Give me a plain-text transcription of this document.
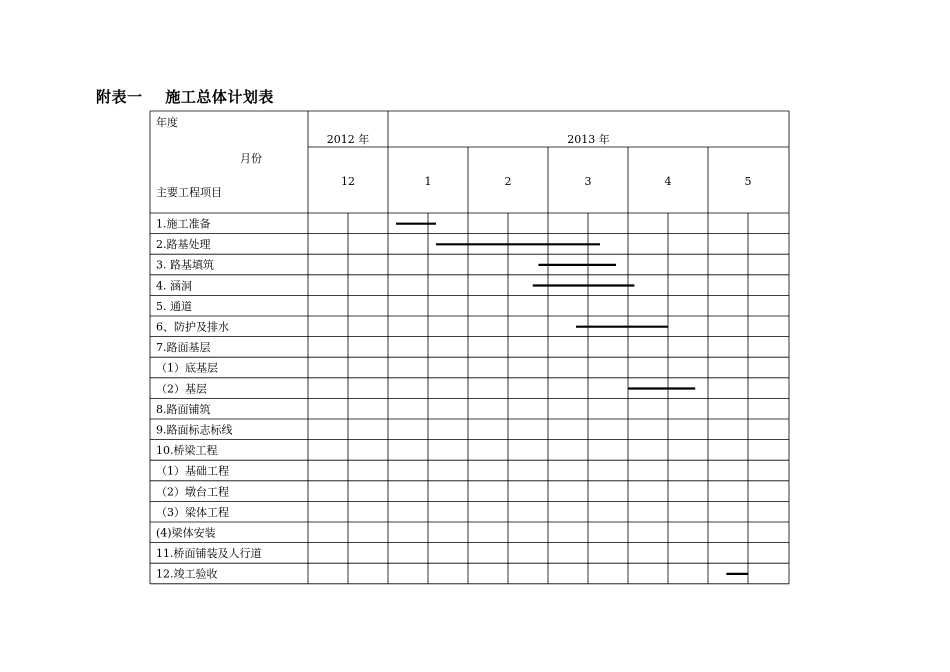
附表一    施工总体计划表
年度
月份
主要工程项目
2012 年	2013 年
12	1	2	3	4	5
1.施工准备
2.路基处理
3. 路基填筑
4. 涵洞
5. 通道
6、防护及排水
7.路面基层
（1）底基层
（2）基层
8.路面铺筑
9.路面标志标线
10.桥梁工程
（1）基础工程
（2）墩台工程
（3）梁体工程
(4)梁体安装
11.桥面铺装及人行道
12.竣工验收
